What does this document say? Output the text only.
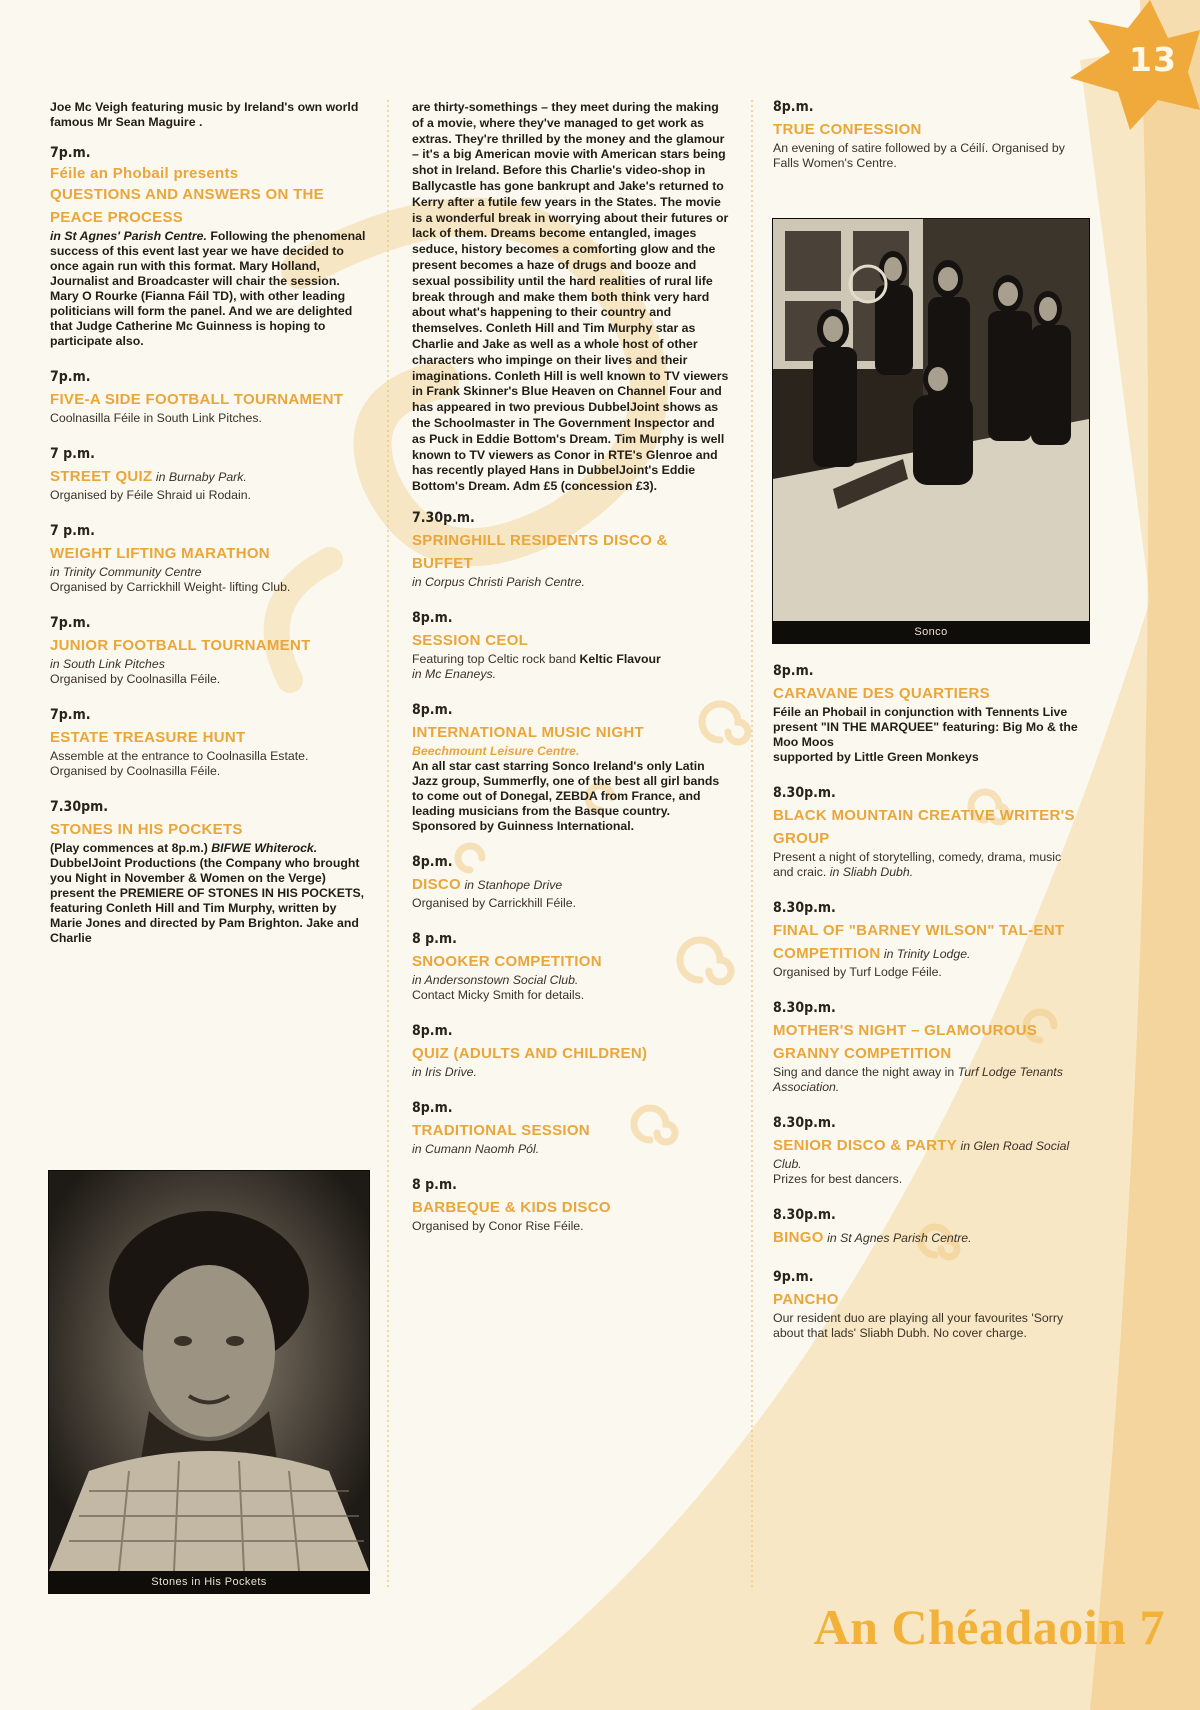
13
Joe Mc Veigh featuring music by Ireland's own world famous Mr Sean Maguire .
7p.m.
Féile an Phobail presents
QUESTIONS AND ANSWERS ON THE PEACE PROCESS
in St Agnes' Parish Centre. Following the phenomenal success of this event last year we have decided to once again run with this format. Mary Holland, Journalist and Broadcaster will chair the session. Mary O Rourke (Fianna Fáil TD), with other leading politicians will form the panel. And we are delighted that Judge Catherine Mc Guinness is hoping to participate also.
7p.m.
FIVE-A SIDE FOOTBALL TOURNAMENT
Coolnasilla Féile in South Link Pitches.
7 p.m.
STREET QUIZ in Burnaby Park.
Organised by Féile Shraid ui Rodain.
7 p.m.
WEIGHT LIFTING MARATHON
in Trinity Community Centre
Organised by Carrickhill Weight- lifting Club.
7p.m.
JUNIOR FOOTBALL TOURNAMENT
in South Link Pitches
Organised by Coolnasilla Féile.
7p.m.
ESTATE TREASURE HUNT
Assemble at the entrance to Coolnasilla Estate. Organised by Coolnasilla Féile.
7.30pm.
STONES IN HIS POCKETS
(Play commences at 8p.m.) BIFWE Whiterock. DubbelJoint Productions (the Company who brought you Night in November & Women on the Verge) present the PREMIERE OF STONES IN HIS POCKETS, featuring Conleth Hill and Tim Murphy, written by Marie Jones and directed by Pam Brighton. Jake and Charlie
Stones in His Pockets
are thirty-somethings – they meet during the making of a movie, where they've managed to get work as extras. They're thrilled by the money and the glamour – it's a big American movie with American stars being shot in Ireland. Before this Charlie's video-shop in Ballycastle has gone bankrupt and Jake's returned to Kerry after a futile few years in the States. The movie is a wonderful break in worrying about their futures or lack of them. Dreams become entangled, images seduce, history becomes a comforting glow and the present becomes a haze of drugs and booze and sexual possibility until the hard realities of rural life break through and make them both think very hard about what's happening to their country and themselves. Conleth Hill and Tim Murphy star as Charlie and Jake as well as a whole host of other characters who impinge on their lives and their imaginations. Conleth Hill is well known to TV viewers in Frank Skinner's Blue Heaven on Channel Four and has appeared in two previous DubbelJoint shows as the Schoolmaster in The Government Inspector and as Puck in Eddie Bottom's Dream. Tim Murphy is well known to TV viewers as Conor in RTE's Glenroe and has recently played Hans in DubbelJoint's Eddie Bottom's Dream. Adm £5 (concession £3).
7.30p.m.
SPRINGHILL RESIDENTS DISCO & BUFFET
in Corpus Christi Parish Centre.
8p.m.
SESSION CEOL
Featuring top Celtic rock band Keltic Flavour
in Mc Enaneys.
8p.m.
INTERNATIONAL MUSIC NIGHT
Beechmount Leisure Centre.
An all star cast starring Sonco Ireland's only Latin Jazz group, Summerfly, one of the best all girl bands to come out of Donegal, ZEBDA from France, and leading musicians from the Basque country. Sponsored by Guinness International.
8p.m.
DISCO in Stanhope Drive
Organised by Carrickhill Féile.
8 p.m.
SNOOKER COMPETITION
in Andersonstown Social Club.
Contact Micky Smith for details.
8p.m.
QUIZ (ADULTS AND CHILDREN)
in Iris Drive.
8p.m.
TRADITIONAL SESSION
in Cumann Naomh Pól.
8 p.m.
BARBEQUE & KIDS DISCO
Organised by Conor Rise Féile.
8p.m.
TRUE CONFESSION
An evening of satire followed by a Céilí. Organised by Falls Women's Centre.
Sonco
8p.m.
CARAVANE DES QUARTIERS
Féile an Phobail in conjunction with Tennents Live present "IN THE MARQUEE" featuring: Big Mo & the Moo Moos
supported by Little Green Monkeys
8.30p.m.
BLACK MOUNTAIN CREATIVE WRITER'S GROUP
Present a night of storytelling, comedy, drama, music and craic. in Sliabh Dubh.
8.30p.m.
FINAL OF "BARNEY WILSON" TAL-ENT COMPETITION in Trinity Lodge.
Organised by Turf Lodge Féile.
8.30p.m.
MOTHER'S NIGHT – GLAMOUROUS GRANNY COMPETITION
Sing and dance the night away in Turf Lodge Tenants Association.
8.30p.m.
SENIOR DISCO & PARTY in Glen Road Social Club.
Prizes for best dancers.
8.30p.m.
BINGO in St Agnes Parish Centre.
9p.m.
PANCHO
Our resident duo are playing all your favourites 'Sorry about that lads' Sliabh Dubh. No cover charge.
An Chéadaoin 7
